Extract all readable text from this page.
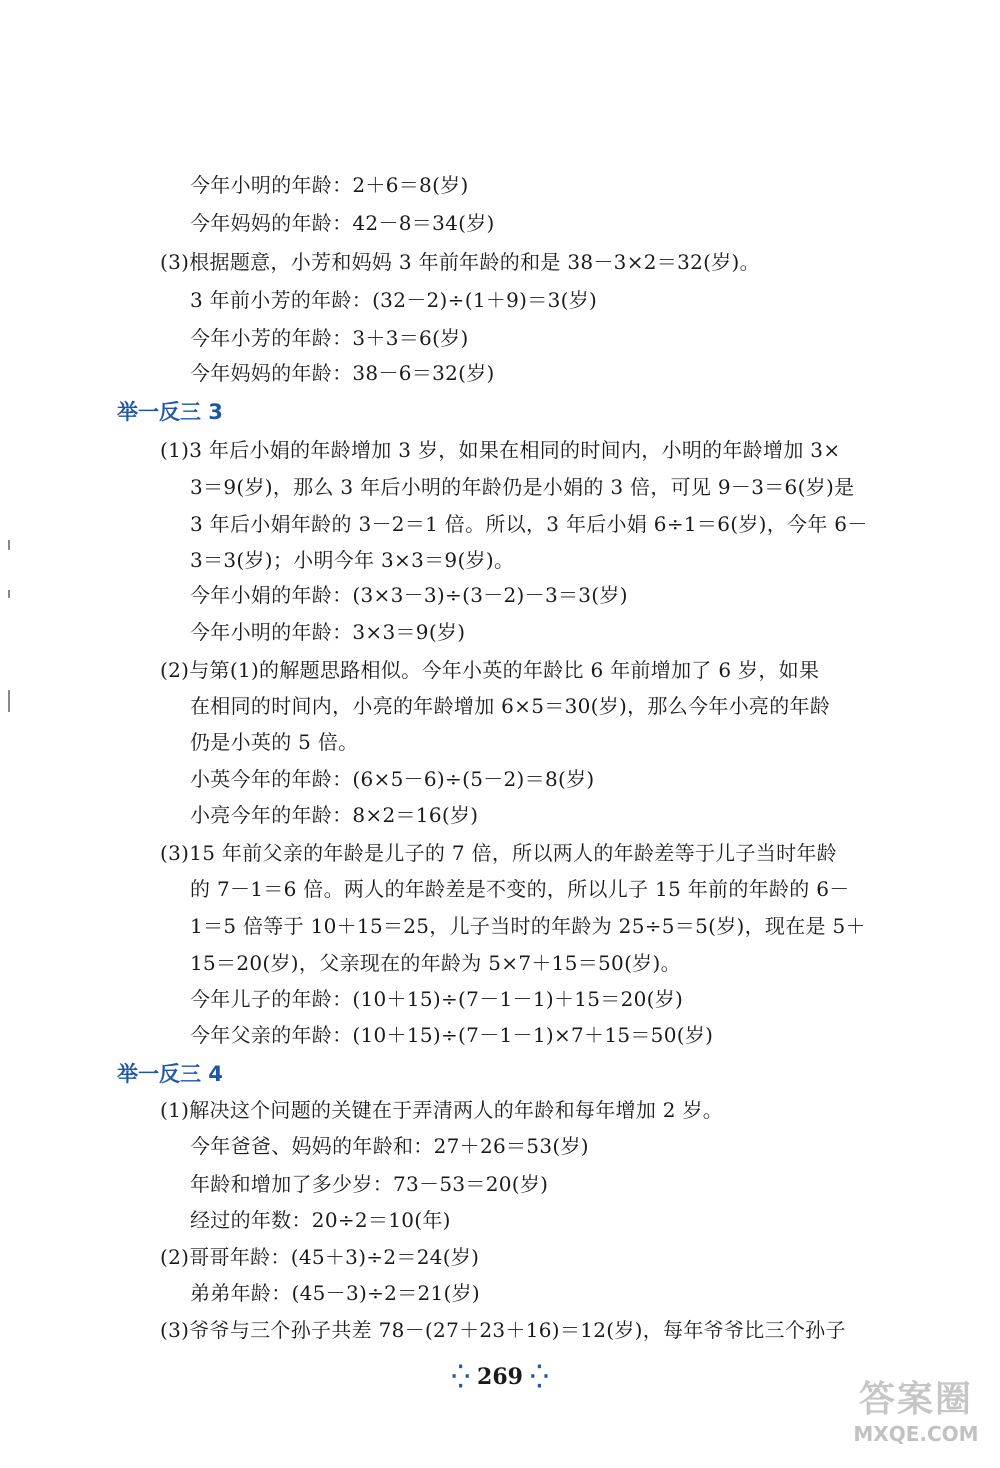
今年小明的年龄：2＋6＝8(岁)
今年妈妈的年龄：42－8＝34(岁)
(3)根据题意，小芳和妈妈 3 年前年龄的和是 38－3×2＝32(岁)。
3 年前小芳的年龄：(32－2)÷(1＋9)＝3(岁)
今年小芳的年龄：3＋3＝6(岁)
今年妈妈的年龄：38－6＝32(岁)
举一反三 3
(1)3 年后小娟的年龄增加 3 岁，如果在相同的时间内，小明的年龄增加 3×
3＝9(岁)，那么 3 年后小明的年龄仍是小娟的 3 倍，可见 9－3＝6(岁)是
3 年后小娟年龄的 3－2＝1 倍。所以，3 年后小娟 6÷1＝6(岁)，今年 6－
3＝3(岁)；小明今年 3×3＝9(岁)。
今年小娟的年龄：(3×3－3)÷(3－2)－3＝3(岁)
今年小明的年龄：3×3＝9(岁)
(2)与第(1)的解题思路相似。今年小英的年龄比 6 年前增加了 6 岁，如果
在相同的时间内，小亮的年龄增加 6×5＝30(岁)，那么今年小亮的年龄
仍是小英的 5 倍。
小英今年的年龄：(6×5－6)÷(5－2)＝8(岁)
小亮今年的年龄：8×2＝16(岁)
(3)15 年前父亲的年龄是儿子的 7 倍，所以两人的年龄差等于儿子当时年龄
的 7－1＝6 倍。两人的年龄差是不变的，所以儿子 15 年前的年龄的 6－
1＝5 倍等于 10＋15＝25，儿子当时的年龄为 25÷5＝5(岁)，现在是 5＋
15＝20(岁)，父亲现在的年龄为 5×7＋15＝50(岁)。
今年儿子的年龄：(10＋15)÷(7－1－1)＋15＝20(岁)
今年父亲的年龄：(10＋15)÷(7－1－1)×7＋15＝50(岁)
举一反三 4
(1)解决这个问题的关键在于弄清两人的年龄和每年增加 2 岁。
今年爸爸、妈妈的年龄和：27＋26＝53(岁)
年龄和增加了多少岁：73－53＝20(岁)
经过的年数：20÷2＝10(年)
(2)哥哥年龄：(45＋3)÷2＝24(岁)
弟弟年龄：(45－3)÷2＝21(岁)
(3)爷爷与三个孙子共差 78－(27＋23＋16)＝12(岁)，每年爷爷比三个孙子
⁛ 269 ⁛
答案圈
MXQE.COM
